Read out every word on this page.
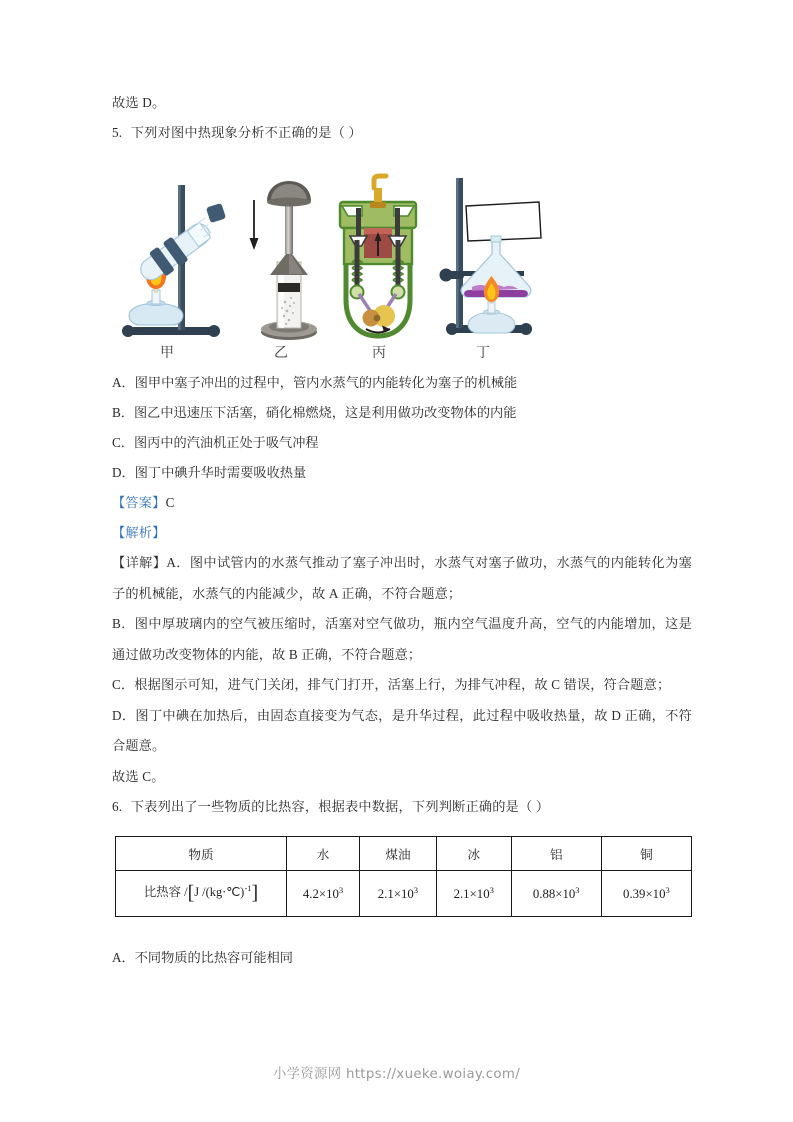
故选 D。
5. 下列对图中热现象分析不正确的是（ ）
甲	乙	丙	丁
A．图甲中塞子冲出的过程中，管内水蒸气的内能转化为塞子的机械能
B．图乙中迅速压下活塞，硝化棉燃烧，这是利用做功改变物体的内能
C．图丙中的汽油机正处于吸气冲程
D．图丁中碘升华时需要吸收热量
【答案】C
【解析】

【详解】A．图中试管内的水蒸气推动了塞子冲出时，水蒸气对塞子做功，水蒸气的内能转化为塞子的机械能，水蒸气的内能减少，故 A 正确，不符合题意；

B．图中厚玻璃内的空气被压缩时，活塞对空气做功，瓶内空气温度升高，空气的内能增加，这是通过做功改变物体的内能，故 B 正确，不符合题意；

C．根据图示可知，进气门关闭，排气门打开，活塞上行，为排气冲程，故 C 错误，符合题意；

D．图丁中碘在加热后，由固态直接变为气态，是升华过程，此过程中吸收热量，故 D 正确，不符合题意。

故选 C。
6. 下表列出了一些物质的比热容，根据表中数据，下列判断正确的是（ ）
物质	水	煤油	冰	铝	铜
比热容 /[J /(kg·℃)$^{-1}$]	$4.2\times 10^3$	$2.1\times 10^3$	$2.1\times 10^3$	$0.88\times 10^3$	$0.39\times 10^3$
A．不同物质的比热容可能相同
小学资源网 https://xueke.woiay.com/
